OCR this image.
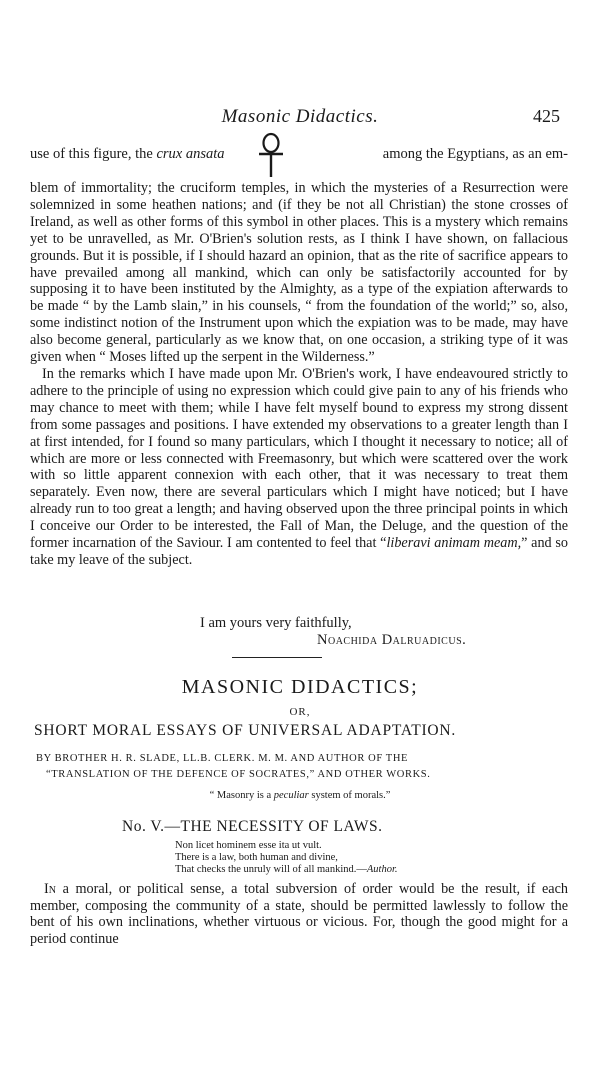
Masonic Didactics.	425
use of this figure, the crux ansata	among the Egyptians, as an em-

blem of immortality; the cruciform temples, in which the mysteries of a Resurrection were solemnized in some heathen nations; and (if they be not all Christian) the stone crosses of Ireland, as well as other forms of this symbol in other places. This is a mystery which remains yet to be unravelled, as Mr. O'Brien's solution rests, as I think I have shown, on fallacious grounds. But it is possible, if I should hazard an opinion, that as the rite of sacrifice appears to have prevailed among all mankind, which can only be satisfactorily accounted for by supposing it to have been instituted by the Almighty, as a type of the expiation afterwards to be made “ by the Lamb slain,” in his counsels, “ from the foundation of the world;” so, also, some indistinct notion of the Instrument upon which the expiation was to be made, may have also become general, particularly as we know that, on one occasion, a striking type of it was given when “ Moses lifted up the serpent in the Wilderness.”

In the remarks which I have made upon Mr. O'Brien's work, I have endeavoured strictly to adhere to the principle of using no expression which could give pain to any of his friends who may chance to meet with them; while I have felt myself bound to express my strong dissent from some passages and positions. I have extended my observations to a greater length than I at first intended, for I found so many particulars, which I thought it necessary to notice; all of which are more or less connected with Freemasonry, but which were scattered over the work with so little apparent connexion with each other, that it was necessary to treat them separately. Even now, there are several particulars which I might have noticed; but I have already run to too great a length; and having observed upon the three principal points in which I conceive our Order to be interested, the Fall of Man, the Deluge, and the question of the former incarnation of the Saviour. I am contented to feel that “liberavi animam meam,” and so take my leave of the subject.

I am yours very faithfully,
Noachida Dalruadicus.
MASONIC DIDACTICS;
OR,
SHORT MORAL ESSAYS OF UNIVERSAL ADAPTATION.
BY BROTHER H. R. SLADE, LL.B. CLERK. M. M. AND AUTHOR OF THE
“TRANSLATION OF THE DEFENCE OF SOCRATES,” AND OTHER WORKS.
“ Masonry is a peculiar system of morals.”
No. V.—THE NECESSITY OF LAWS.
Non licet hominem esse ita ut vult.
There is a law, both human and divine,
That checks the unruly will of all mankind.—Author.

In a moral, or political sense, a total subversion of order would be the result, if each member, composing the community of a state, should be permitted lawlessly to follow the bent of his own inclinations, whether virtuous or vicious. For, though the good might for a period continue
